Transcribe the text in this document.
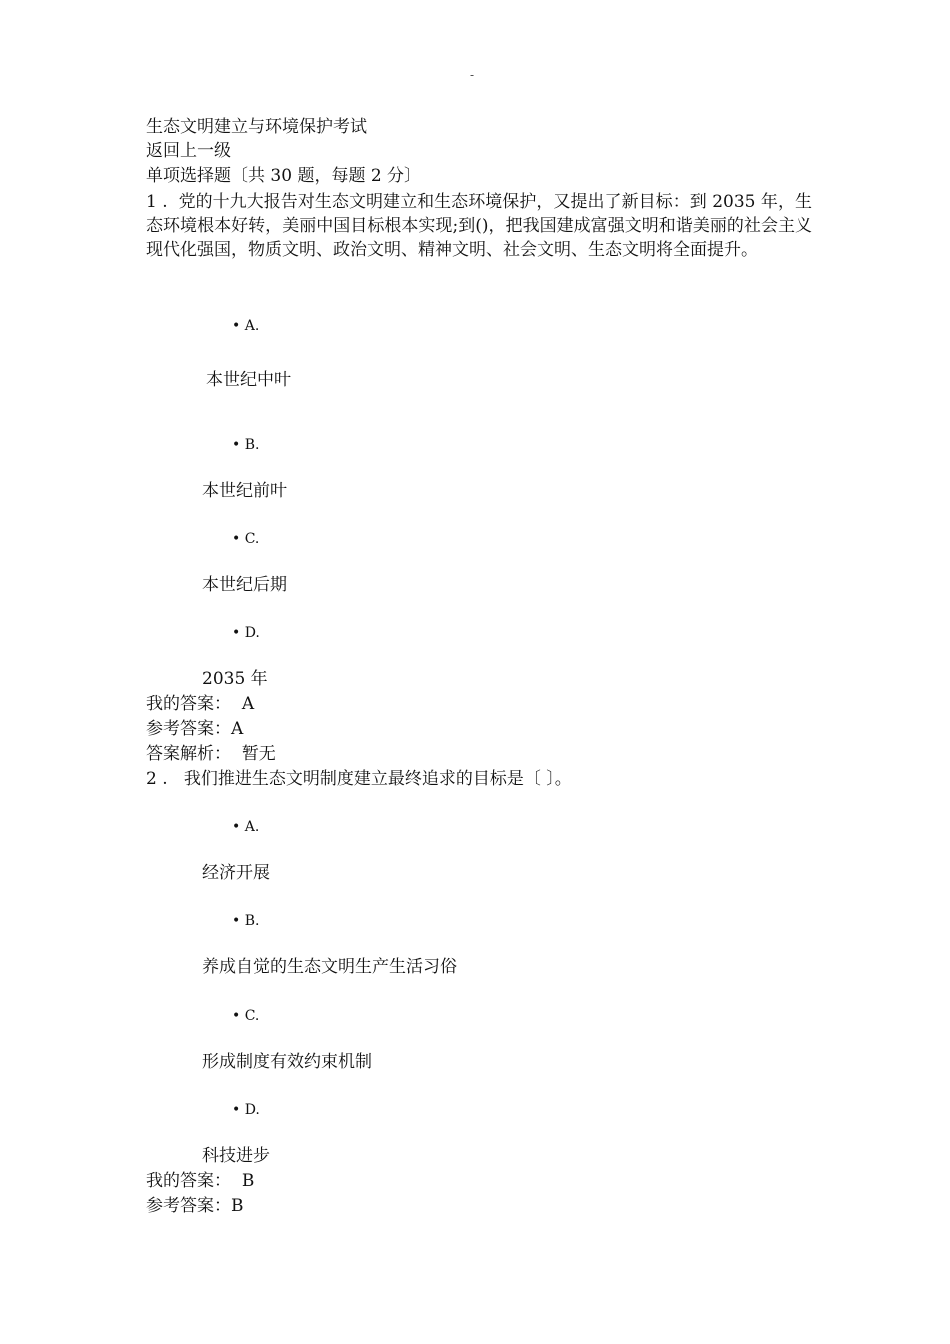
-
生态文明建立与环境保护考试
返回上一级
单项选择题〔共 30 题，每题 2 分〕
1 . 党的十九大报告对生态文明建立和生态环境保护，又提出了新目标：到 2035 年，生态环境根本好转，美丽中国目标根本实现;到()，把我国建成富强文明和谐美丽的社会主义现代化强国，物质文明、政治文明、精神文明、社会文明、生态文明将全面提升。
• A.
本世纪中叶
• B.
本世纪前叶
• C.
本世纪后期
• D.
2035 年
我的答案： A
参考答案：A
答案解析： 暂无
2 . 我们推进生态文明制度建立最终追求的目标是〔 〕。
• A.
经济开展
• B.
养成自觉的生态文明生产生活习俗
• C.
形成制度有效约束机制
• D.
科技进步
我的答案： B
参考答案：B
